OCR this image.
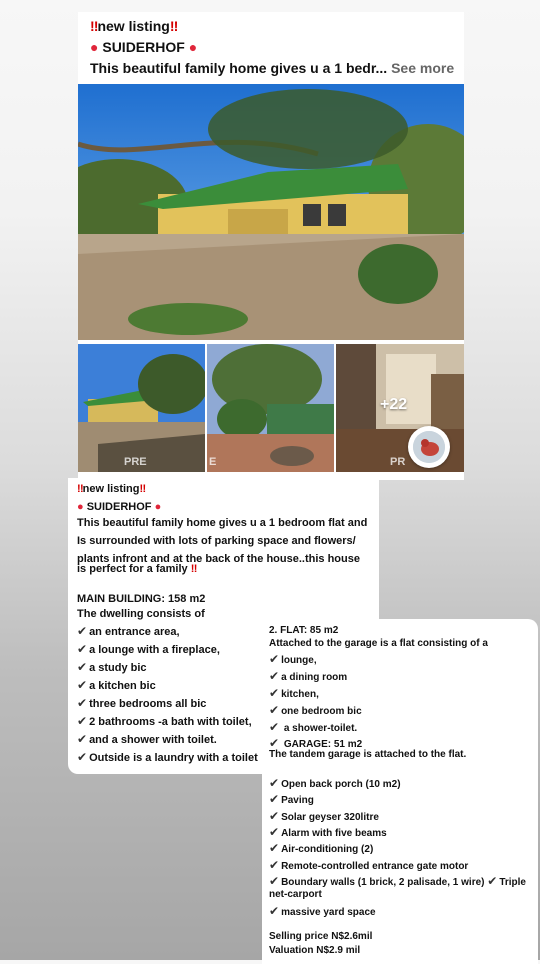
‼new listing‼
● SUIDERHOF ●
This beautiful family home gives u a 1 bedr... See more
PRE	E
+22
PR
‼new listing‼
● SUIDERHOF ●
This beautiful family home gives u a 1 bedroom flat and
Is surrounded with lots of parking space and flowers/
plants infront and at the back of the house..this house
is perfect for a family ‼
MAIN BUILDING: 158 m2
The dwelling consists of
✔ an entrance area,
✔ a lounge with a fireplace,
✔ a study bic
✔ a kitchen bic
✔ three bedrooms all bic
✔ 2 bathrooms -a bath with toilet,
✔ and a shower with toilet.
✔ Outside is a laundry with a toilet
2. FLAT: 85 m2
Attached to the garage is a flat consisting of a
✔ lounge,
✔ a dining room
✔ kitchen,
✔ one bedroom bic
✔ a shower-toilet.
✔ GARAGE: 51 m2
The tandem garage is attached to the flat.
✔ Open back porch (10 m2)
✔ Paving
✔ Solar geyser 320litre
✔ Alarm with five beams
✔ Air-conditioning (2)
✔ Remote-controlled entrance gate motor
✔ Boundary walls (1 brick, 2 palisade, 1 wire) ✔ Triple
net-carport
✔ massive yard space
Selling price N$2.6mil
Valuation N$2.9 mil
